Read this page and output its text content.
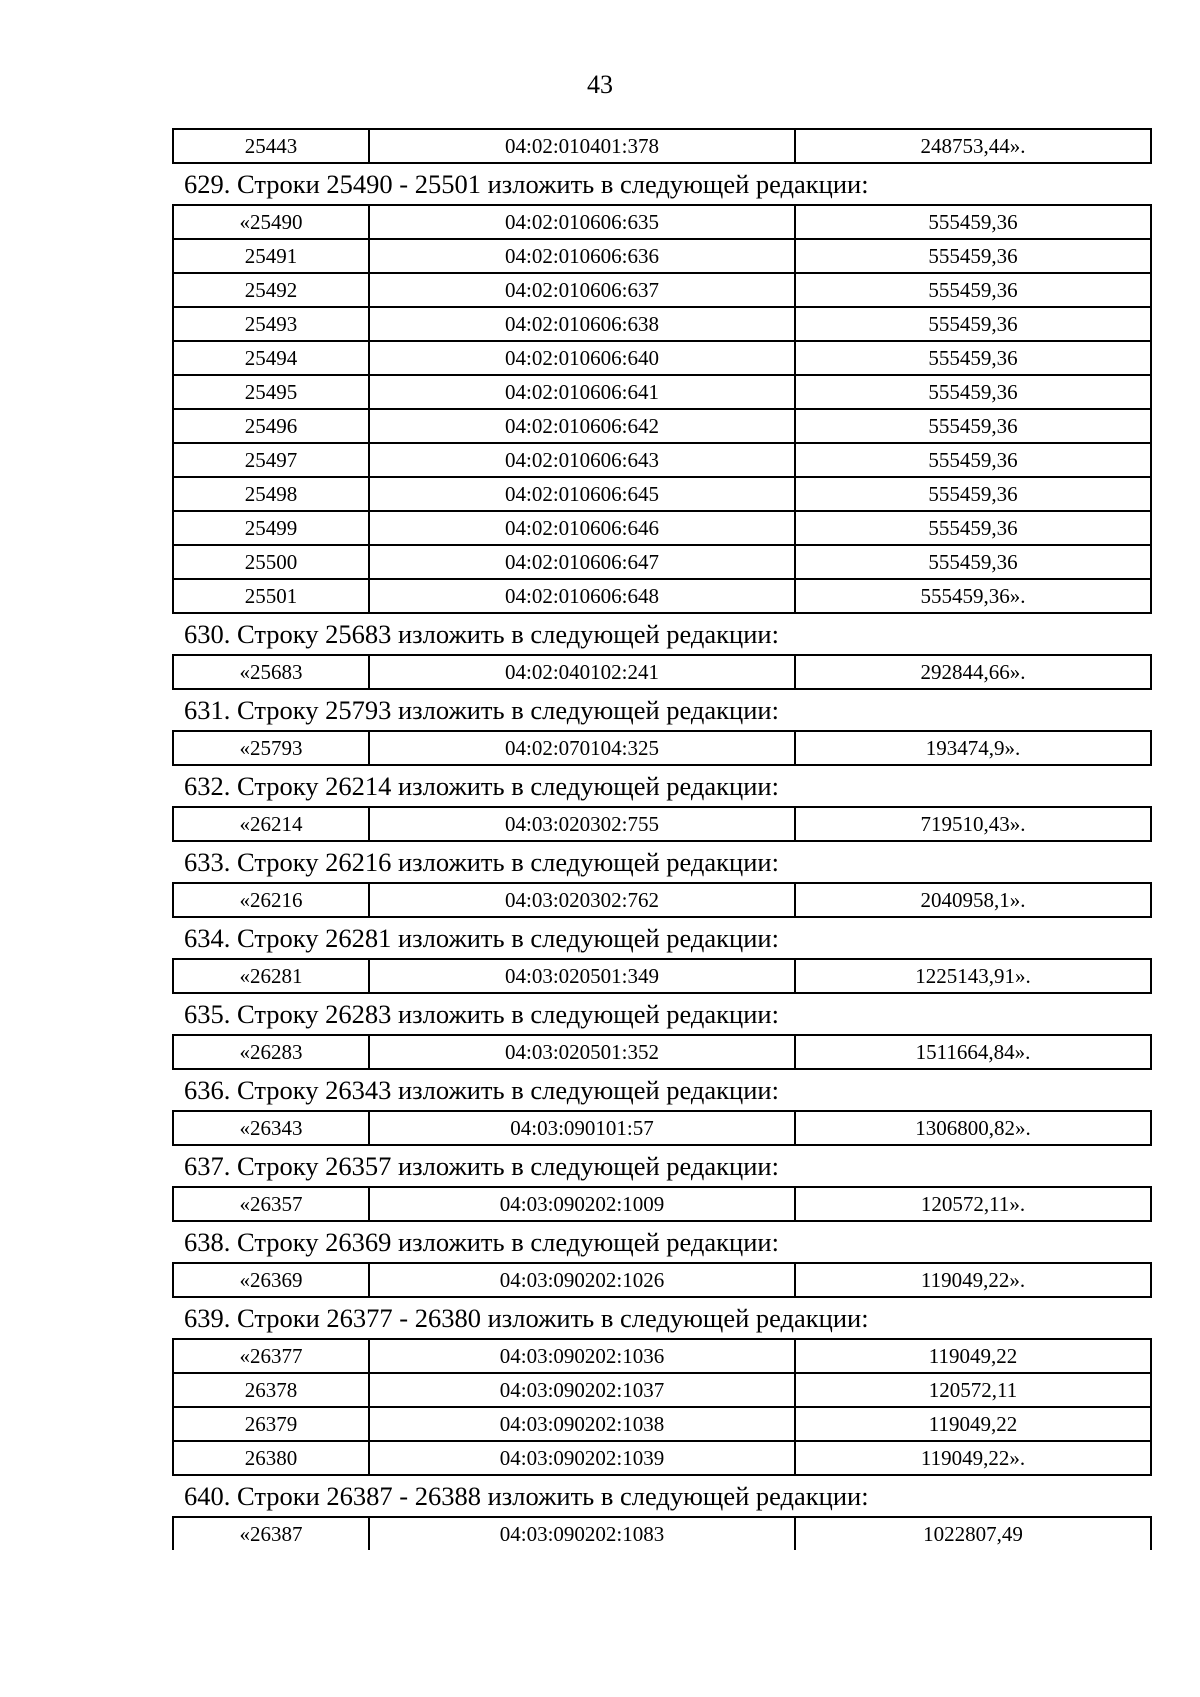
43
25443	04:02:010401:378	248753,44».
629. Строки 25490 - 25501 изложить в следующей редакции:
«25490	04:02:010606:635	555459,36
25491	04:02:010606:636	555459,36
25492	04:02:010606:637	555459,36
25493	04:02:010606:638	555459,36
25494	04:02:010606:640	555459,36
25495	04:02:010606:641	555459,36
25496	04:02:010606:642	555459,36
25497	04:02:010606:643	555459,36
25498	04:02:010606:645	555459,36
25499	04:02:010606:646	555459,36
25500	04:02:010606:647	555459,36
25501	04:02:010606:648	555459,36».
630. Строку 25683 изложить в следующей редакции:
«25683	04:02:040102:241	292844,66».
631. Строку 25793 изложить в следующей редакции:
«25793	04:02:070104:325	193474,9».
632. Строку 26214 изложить в следующей редакции:
«26214	04:03:020302:755	719510,43».
633. Строку 26216 изложить в следующей редакции:
«26216	04:03:020302:762	2040958,1».
634. Строку 26281 изложить в следующей редакции:
«26281	04:03:020501:349	1225143,91».
635. Строку 26283 изложить в следующей редакции:
«26283	04:03:020501:352	1511664,84».
636. Строку 26343 изложить в следующей редакции:
«26343	04:03:090101:57	1306800,82».
637. Строку 26357 изложить в следующей редакции:
«26357	04:03:090202:1009	120572,11».
638. Строку 26369 изложить в следующей редакции:
«26369	04:03:090202:1026	119049,22».
639. Строки 26377 - 26380 изложить в следующей редакции:
«26377	04:03:090202:1036	119049,22
26378	04:03:090202:1037	120572,11
26379	04:03:090202:1038	119049,22
26380	04:03:090202:1039	119049,22».
640. Строки 26387 - 26388 изложить в следующей редакции:
«26387	04:03:090202:1083	1022807,49
